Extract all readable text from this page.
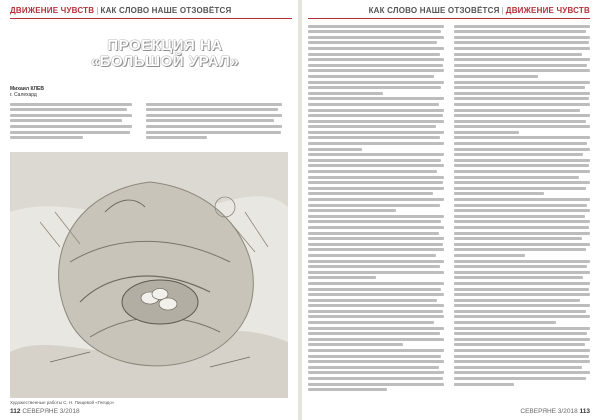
ДВИЖЕНИЕ ЧУВСТВ | КАК СЛОВО НАШЕ ОТЗОВЁТСЯ
ПРОЕКЦИЯ НА
«БОЛЬШОЙ УРАЛ»
Михаил КЛЕВ
г. Салехард
Художественные работы С. Н. Пищевой «Гнездо»
112 СЕВЕРЯНЕ 3/2018
КАК СЛОВО НАШЕ ОТЗОВЁТСЯ | ДВИЖЕНИЕ ЧУВСТВ
СЕВЕРЯНЕ 3/2018 113
